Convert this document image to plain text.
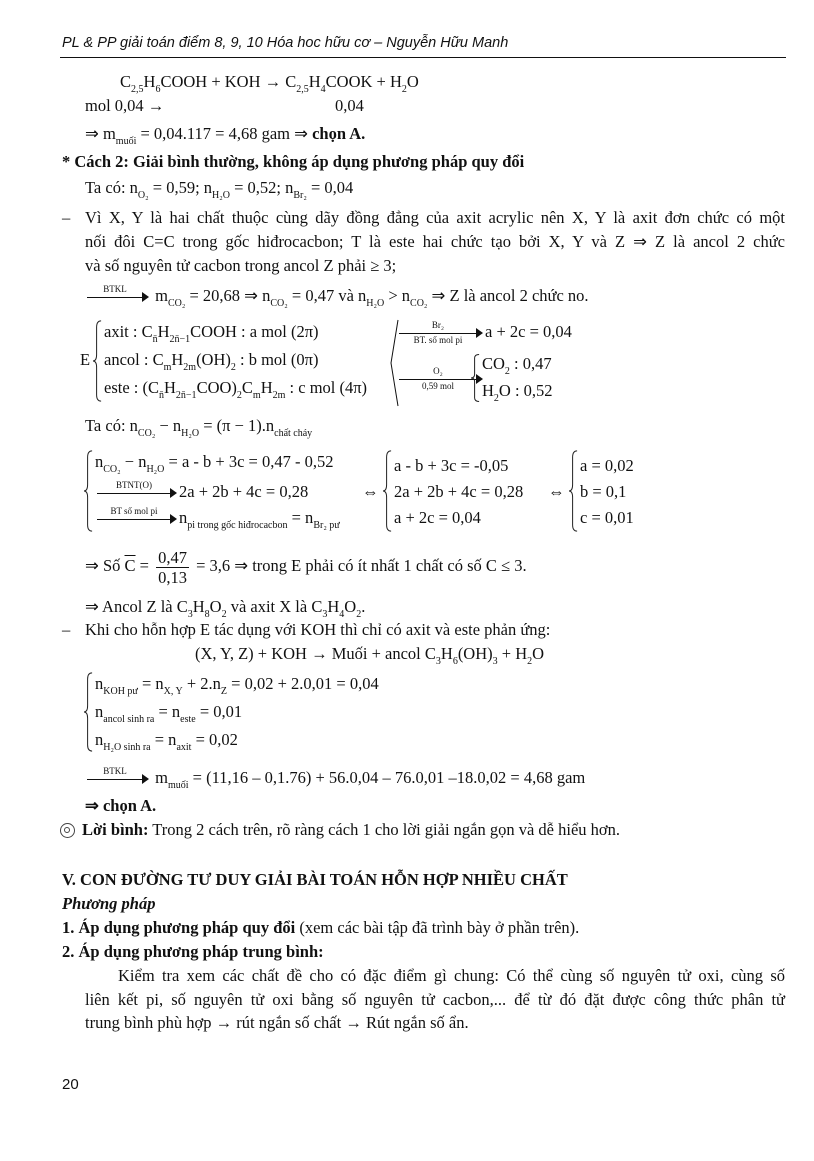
PL & PP giải toán điểm 8, 9, 10 Hóa hoc hữu cơ – Nguyễn Hữu Manh
$C_{2,5}H_6COOH$ + KOH → $C_{2,5}H_4COOK + H_2O$
mol 0,04 →	0,04
⇒ $m_{muối} = 0,04.117 = 4,68$ gam ⇒ chọn A.
* Cách 2: Giải bình thường, không áp dụng phương pháp quy đổi
Ta có: $n_{O_2} = 0,59$; $n_{H_2O} = 0,52$; $n_{Br_2} = 0,04$
– Vì X, Y là hai chất thuộc cùng dãy đồng đẳng của axit acrylic nên X, Y là axit đơn chức có một
nối đôi C=C trong gốc hiđrocacbon; T là este hai chức tạo bởi X, Y và Z ⇒ Z là ancol 2 chức
và số nguyên tử cacbon trong ancol Z phải ≥ 3;
BTKL	$m_{CO_2} = 20,68$ ⇒ $n_{CO_2} = 0,47$ và $n_{H_2O} > n_{CO_2}$ ⇒ Z là ancol 2 chức no.
E
axit : $C_{n̄}H_{2n̄-1}COOH$ : a mol (2π)
ancol : $C_mH_{2m}(OH)_2$ : b mol (0π)
este : $(C_{n̄}H_{2n̄-1}COO)_2C_mH_{2m}$ : c mol (4π)
Br₂
BT. số mol pi	a + 2c = 0,04
O₂
0,59 mol
$CO_2$ : 0,47
$H_2O$ : 0,52
Ta có: $n_{CO_2} - n_{H_2O} = (\pi - 1).n_{chất cháy}$
$n_{CO_2} - n_{H_2O} = a - b + 3c = 0,47 - 0,52$
BTNT(O)	2a + 2b + 4c = 0,28
BT số mol pi	$n_{pi trong gốc hiđrocacbon} = n_{Br_2 pư}$
⇔
a - b + 3c = -0,05
2a + 2b + 4c = 0,28
a + 2c = 0,04
⇔
a = 0,02
b = 0,1
c = 0,01
⇒ Số $\overline{C} = \frac{0,47}{0,13} = 3,6$ ⇒ trong E phải có ít nhất 1 chất có số C ≤ 3.
⇒ Ancol Z là $C_3H_8O_2$ và axit X là $C_3H_4O_2$.
– Khi cho hỗn hợp E tác dụng với KOH thì chỉ có axit và este phản ứng:
(X, Y, Z) + KOH → Muối + ancol $C_3H_6(OH)_3 + H_2O$
$n_{KOH pư} = n_{X, Y} + 2.n_Z = 0,02 + 2.0,01 = 0,04$
$n_{ancol sinh ra} = n_{este} = 0,01$
$n_{H_2O sinh ra} = n_{axit} = 0,02$
BTKL	$m_{muối} = (11,16 - 0,1.76) + 56.0,04 - 76.0,01$ –18.0,02 = 4,68 gam
⇒ chọn A.
Lời bình: Trong 2 cách trên, rõ ràng cách 1 cho lời giải ngắn gọn và dễ hiểu hơn.
V. CON ĐƯỜNG TƯ DUY GIẢI BÀI TOÁN HỖN HỢP NHIỀU CHẤT
Phương pháp
1. Áp dụng phương pháp quy đổi (xem các bài tập đã trình bày ở phần trên).
2. Áp dụng phương pháp trung bình:
Kiểm tra xem các chất đề cho có đặc điểm gì chung: Có thể cùng số nguyên tử oxi, cùng số
liên kết pi, số nguyên tử oxi bằng số nguyên tử cacbon,... để từ đó đặt được công thức phân tử
trung bình phù hợp → rút ngắn số chất → Rút ngắn số ẩn.
20
